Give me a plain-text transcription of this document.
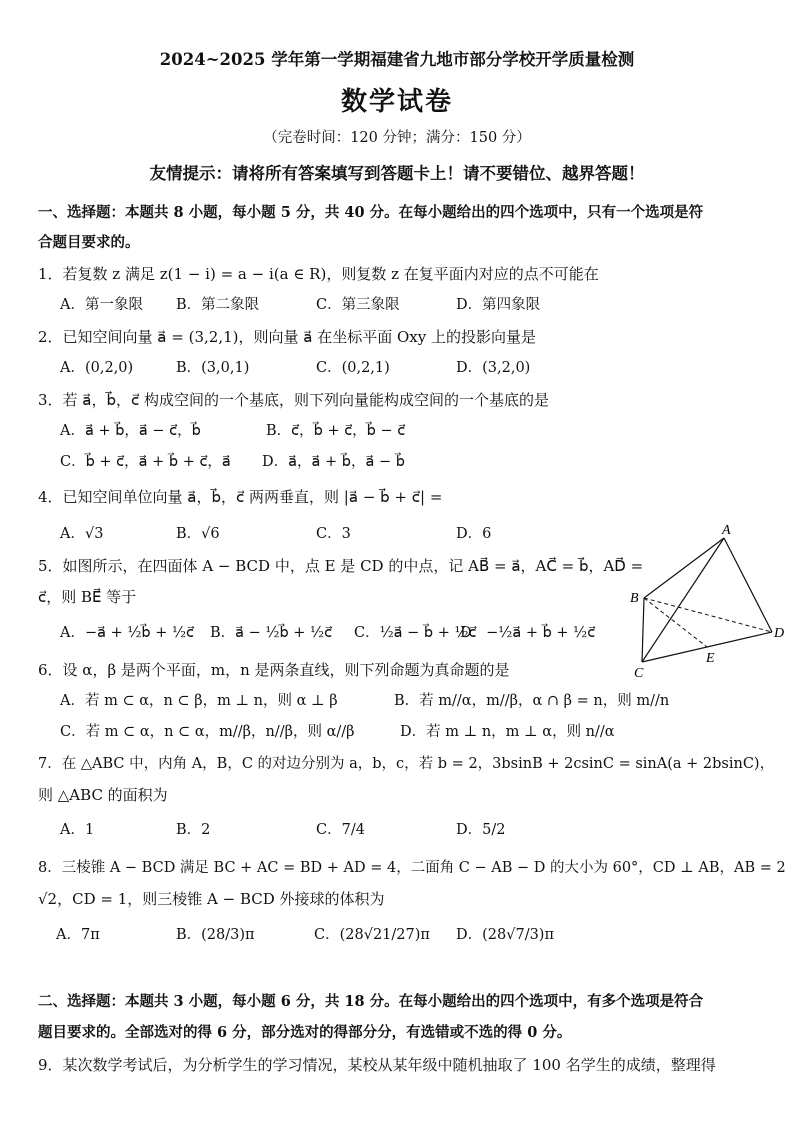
2024~2025 学年第一学期福建省九地市部分学校开学质量检测
数学试卷
（完卷时间：120 分钟；满分：150 分）
友情提示：请将所有答案填写到答题卡上！请不要错位、越界答题！
一、选择题：本题共 8 小题，每小题 5 分，共 40 分。在每小题给出的四个选项中，只有一个选项是符
合题目要求的。
1．若复数 z 满足 z(1 − i) = a − i(a ∈ R)，则复数 z 在复平面内对应的点不可能在
A．第一象限 B．第二象限	C．第三象限	D．第四象限
2．已知空间向量 a⃗ = (3,2,1)，则向量 a⃗ 在坐标平面 Oxy 上的投影向量是
A．(0,2,0)	B．(3,0,1)	C．(0,2,1)	D．(3,2,0)
3．若 a⃗，b⃗，c⃗ 构成空间的一个基底，则下列向量能构成空间的一个基底的是
A．a⃗ + b⃗，a⃗ − c⃗，b⃗	B．c⃗，b⃗ + c⃗，b⃗ − c⃗
C．b⃗ + c⃗，a⃗ + b⃗ + c⃗，a⃗ D．a⃗，a⃗ + b⃗，a⃗ − b⃗
4．已知空间单位向量 a⃗，b⃗，c⃗ 两两垂直，则 |a⃗ − b⃗ + c⃗| =
A．√3	B．√6	C．3	D．6
5．如图所示，在四面体 A − BCD 中，点 E 是 CD 的中点，记 AB⃗ = a⃗，AC⃗ = b⃗，AD⃗ =
c⃗，则 BE⃗ 等于
A．−a⃗ + ½b⃗ + ½c⃗ B．a⃗ − ½b⃗ + ½c⃗ C．½a⃗ − b⃗ + ½c⃗
D．−½a⃗ + b⃗ + ½c⃗
A
B
C
D
E
6．设 α，β 是两个平面，m，n 是两条直线，则下列命题为真命题的是
A．若 m ⊂ α，n ⊂ β，m ⊥ n，则 α ⊥ β	B．若 m//α，m//β，α ∩ β = n，则 m//n
C．若 m ⊂ α，n ⊂ α，m//β，n//β，则 α//β	D．若 m ⊥ n，m ⊥ α，则 n//α
7．在 △ABC 中，内角 A，B，C 的对边分别为 a，b，c，若 b = 2，3bsinB + 2csinC = sinA(a + 2bsinC)，
则 △ABC 的面积为
A．1	B．2	C．7/4	D．5/2
8．三棱锥 A − BCD 满足 BC + AC = BD + AD = 4，二面角 C − AB − D 的大小为 60°，CD ⊥ AB，AB = 2
√2，CD = 1，则三棱锥 A − BCD 外接球的体积为
A．7π	B．(28/3)π	C．(28√21/27)π D．(28√7/3)π
二、选择题：本题共 3 小题，每小题 6 分，共 18 分。在每小题给出的四个选项中，有多个选项是符合
题目要求的。全部选对的得 6 分，部分选对的得部分分，有选错或不选的得 0 分。
9．某次数学考试后，为分析学生的学习情况，某校从某年级中随机抽取了 100 名学生的成绩，整理得
